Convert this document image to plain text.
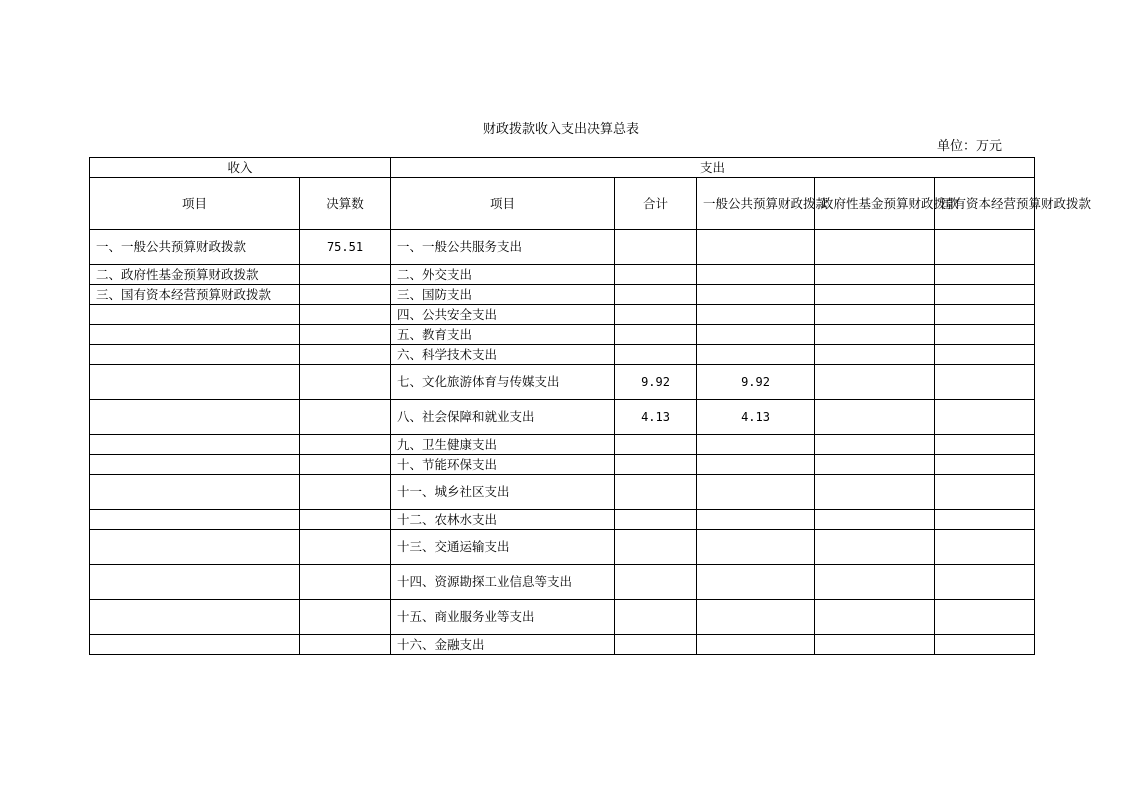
财政拨款收入支出决算总表
单位：万元
收入		支出				
项目	决算数	项目	合计	一般公共预算财政拨款	政府性基金预算财政拨款	国有资本经营预算财政拨款
一、一般公共预算财政拨款	75.51	一、一般公共服务支出				
二、政府性基金预算财政拨款		二、外交支出				
三、国有资本经营预算财政拨款		三、国防支出				
		四、公共安全支出				
		五、教育支出				
		六、科学技术支出				
		七、文化旅游体育与传媒支出	9.92	9.92		
		八、社会保障和就业支出	4.13	4.13		
		九、卫生健康支出				
		十、节能环保支出				
		十一、城乡社区支出				
		十二、农林水支出				
		十三、交通运输支出				
		十四、资源勘探工业信息等支出				
		十五、商业服务业等支出				
		十六、金融支出				
